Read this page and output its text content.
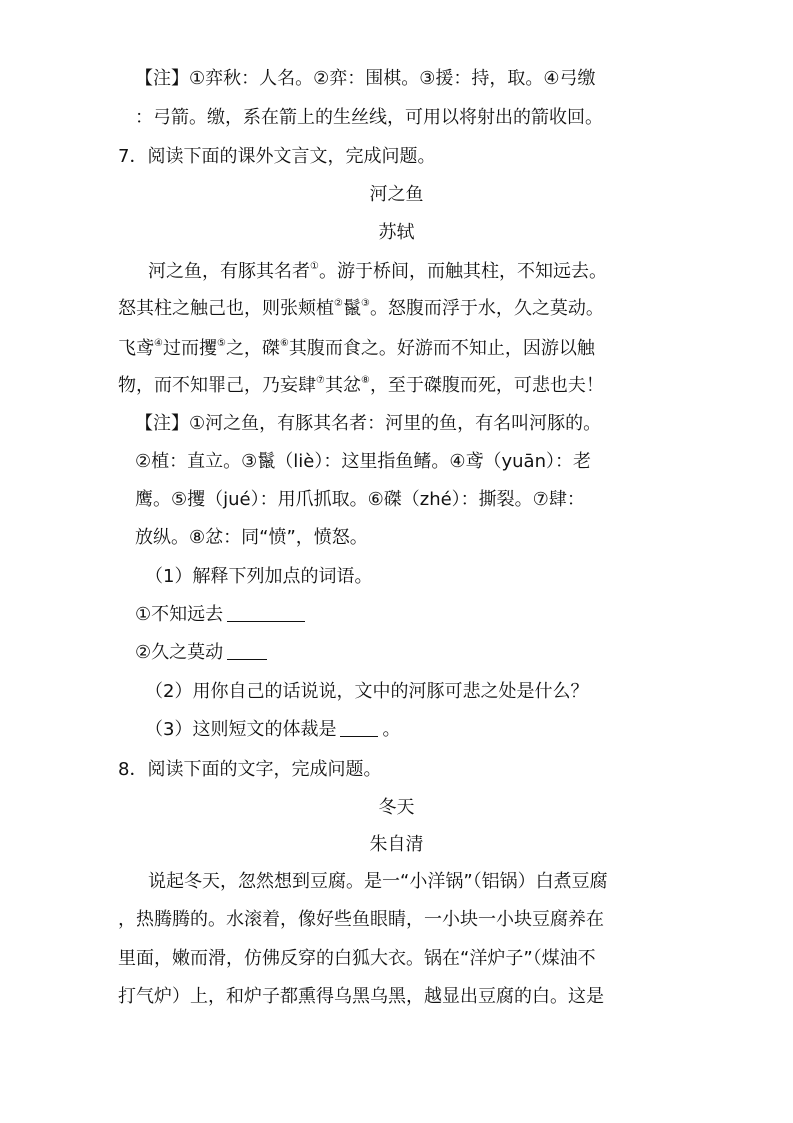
【注】①弈秋：人名。②弈：围棋。③援：持，取。④弓缴
：弓箭。缴，系在箭上的生丝线，可用以将射出的箭收回。
7．阅读下面的课外文言文，完成问题。
河之鱼
苏轼
河之鱼，有豚其名者①。游于桥间，而触其柱，不知远去。
怒其柱之触己也，则张颊植②鬣③。怒腹而浮于水，久之莫动。
飞鸢④过而攫⑤之，磔⑥其腹而食之。好游而不知止，因游以触
物，而不知罪己，乃妄肆⑦其忿⑧，至于磔腹而死，可悲也夫！
【注】①河之鱼，有豚其名者：河里的鱼，有名叫河豚的。
②植：直立。③鬣（liè）：这里指鱼鳍。④鸢（yuān）：老
鹰。⑤攫（jué）：用爪抓取。⑥磔（zhé）：撕裂。⑦肆：
放纵。⑧忿：同“愤”，愤怒。
（1）解释下列加点的词语。
①不知远去
②久之莫动
（2）用你自己的话说说，文中的河豚可悲之处是什么？
（3）这则短文的体裁是	。
8．阅读下面的文字，完成问题。
冬天
朱自清
说起冬天，忽然想到豆腐。是一“小洋锅”（铝锅）白煮豆腐
，热腾腾的。水滚着，像好些鱼眼睛，一小块一小块豆腐养在
里面，嫩而滑，仿佛反穿的白狐大衣。锅在“洋炉子”（煤油不
打气炉）上，和炉子都熏得乌黑乌黑，越显出豆腐的白。这是
